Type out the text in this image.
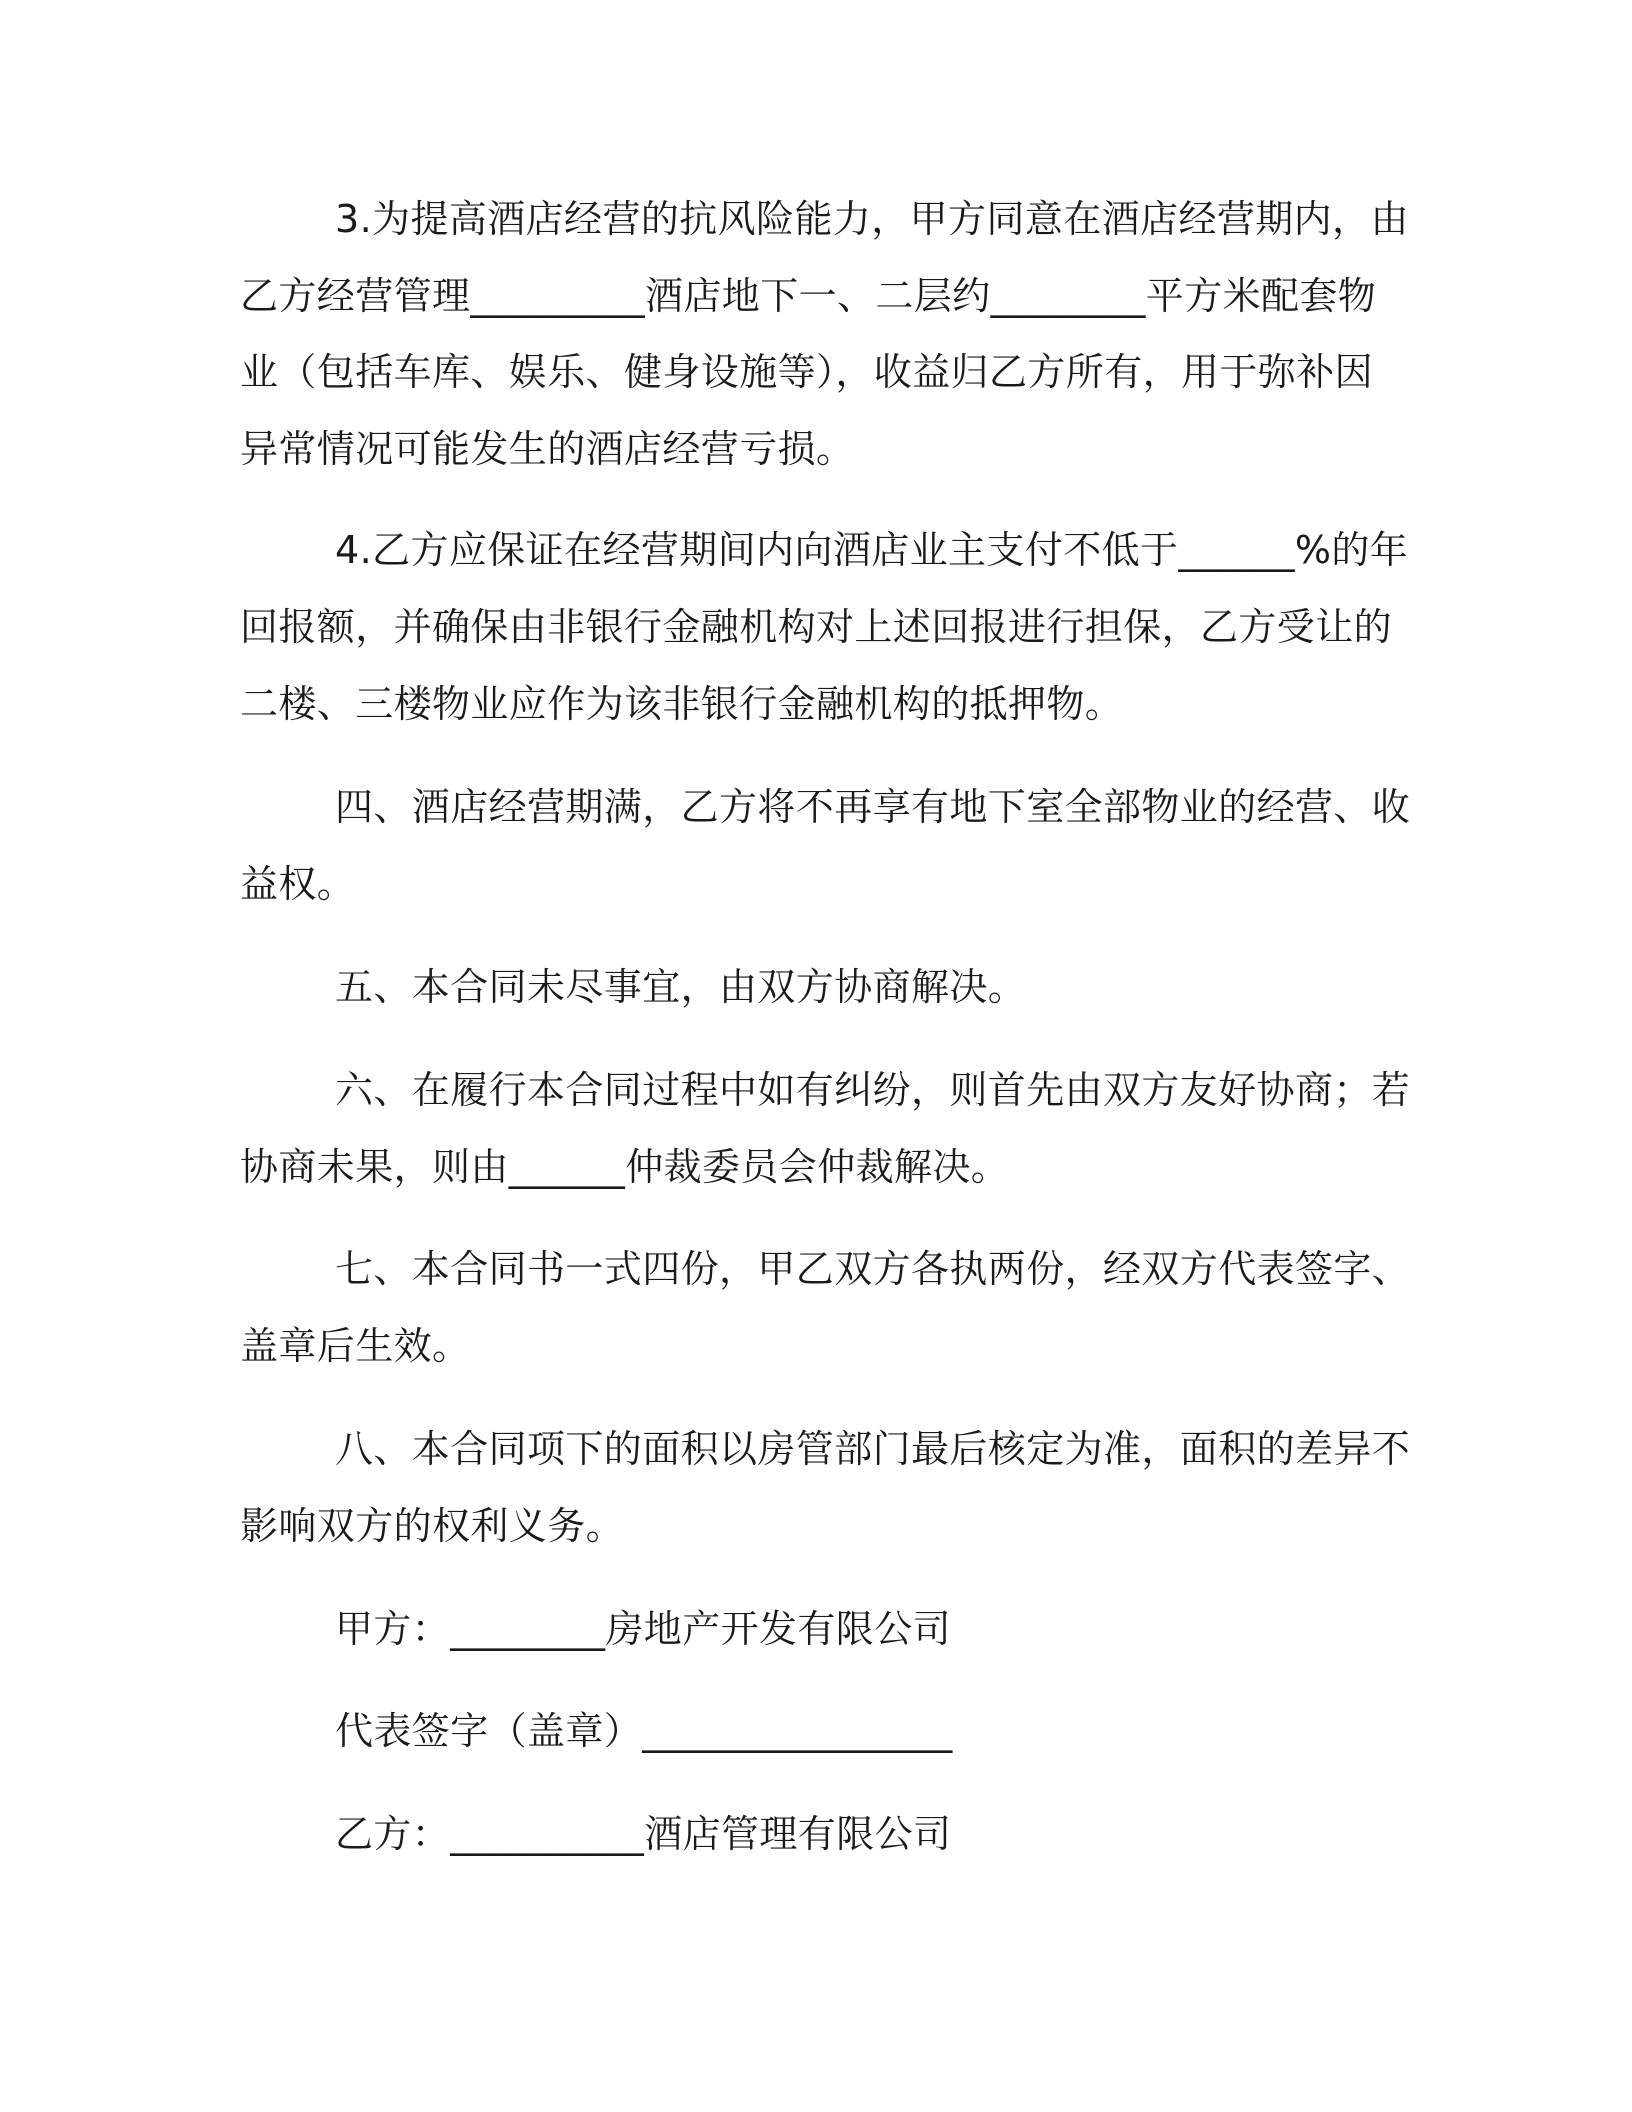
3.为提高酒店经营的抗风险能力，甲方同意在酒店经营期内，由
乙方经营管理_________酒店地下一、二层约________平方米配套物
业（包括车库、娱乐、健身设施等），收益归乙方所有，用于弥补因
异常情况可能发生的酒店经营亏损。
4.乙方应保证在经营期间内向酒店业主支付不低于______%的年
回报额，并确保由非银行金融机构对上述回报进行担保，乙方受让的
二楼、三楼物业应作为该非银行金融机构的抵押物。
四、酒店经营期满，乙方将不再享有地下室全部物业的经营、收
益权。
五、本合同未尽事宜，由双方协商解决。
六、在履行本合同过程中如有纠纷，则首先由双方友好协商；若
协商未果，则由______仲裁委员会仲裁解决。
七、本合同书一式四份，甲乙双方各执两份，经双方代表签字、
盖章后生效。
八、本合同项下的面积以房管部门最后核定为准，面积的差异不
影响双方的权利义务。
甲方：________房地产开发有限公司
代表签字（盖章）________________
乙方：__________酒店管理有限公司
